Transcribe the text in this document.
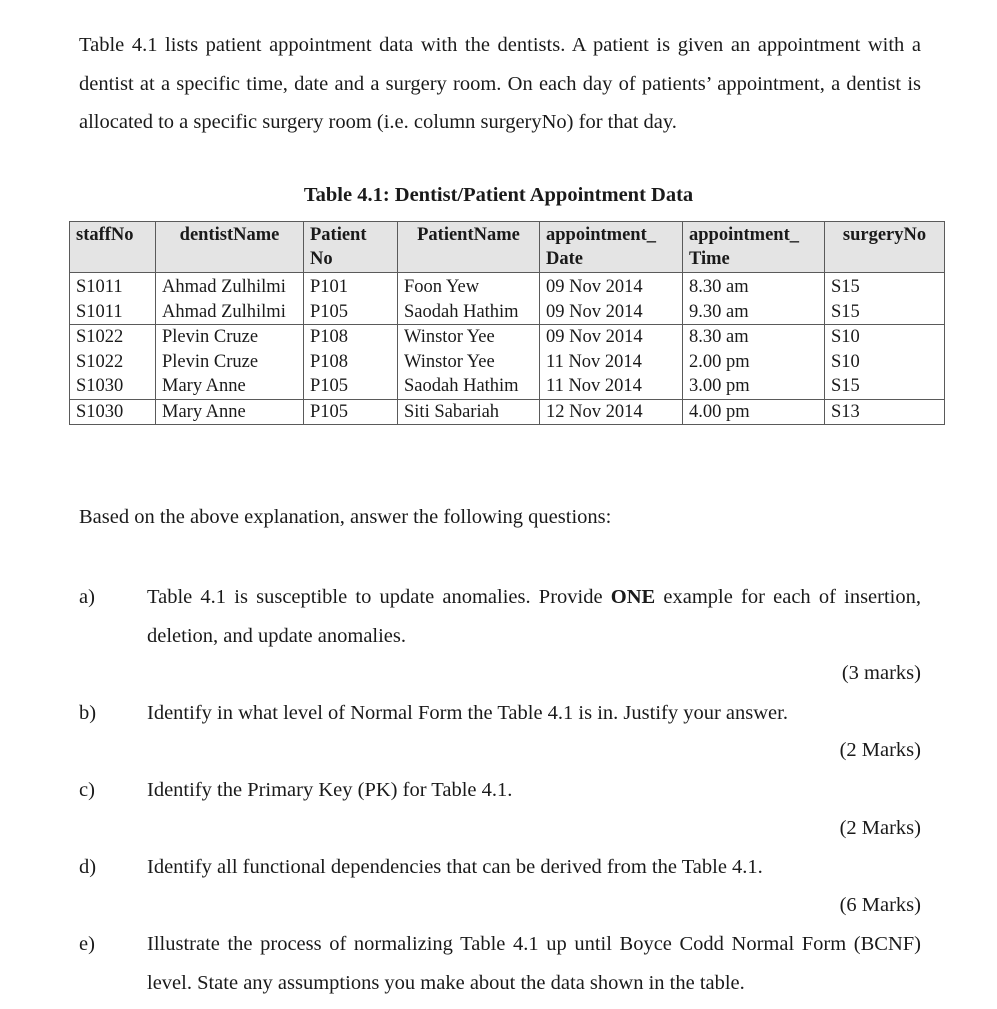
Table 4.1 lists patient appointment data with the dentists. A patient is given an appointment with a dentist at a specific time, date and a surgery room. On each day of patients’ appointment, a dentist is allocated to a specific surgery room (i.e. column surgeryNo) for that day.
Table 4.1: Dentist/Patient Appointment Data
staffNo	dentistName	Patient No	PatientName	appointment_ Date	appointment_ Time	surgeryNo
S1011	Ahmad Zulhilmi	P101	Foon Yew	09 Nov 2014	8.30 am	S15
S1011	Ahmad Zulhilmi	P105	Saodah Hathim	09 Nov 2014	9.30 am	S15
S1022	Plevin Cruze	P108	Winstor Yee	09 Nov 2014	8.30 am	S10
S1022	Plevin Cruze	P108	Winstor Yee	11 Nov 2014	2.00 pm	S10
S1030	Mary Anne	P105	Saodah Hathim	11 Nov 2014	3.00 pm	S15
S1030	Mary Anne	P105	Siti Sabariah	12 Nov 2014	4.00 pm	S13
Based on the above explanation, answer the following questions:
a)	Table 4.1 is susceptible to update anomalies. Provide ONE example for each of insertion, deletion, and update anomalies.
(3 marks)
b) Identify in what level of Normal Form the Table 4.1 is in. Justify your answer.
(2 Marks)
c)	Identify the Primary Key (PK) for Table 4.1.
(2 Marks)
d) Identify all functional dependencies that can be derived from the Table 4.1.
(6 Marks)
e)	Illustrate the process of normalizing Table 4.1 up until Boyce Codd Normal Form (BCNF) level. State any assumptions you make about the data shown in the table.
